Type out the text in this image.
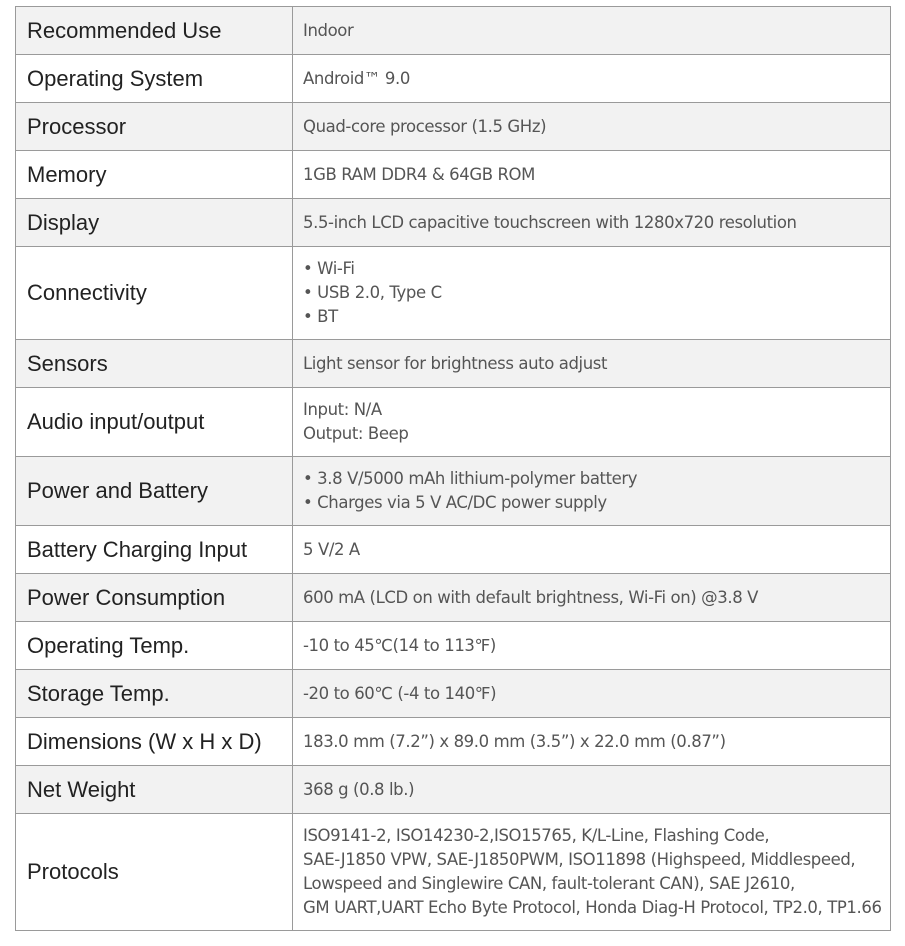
Recommended Use	Indoor

Operating System	Android™ 9.0

Processor	Quad-core processor (1.5 GHz)

Memory	1GB RAM DDR4 & 64GB ROM

Display	5.5-inch LCD capacitive touchscreen with 1280x720 resolution

Connectivity	• Wi-Fi
• USB 2.0, Type C
• BT

Sensors	Light sensor for brightness auto adjust

Audio input/output	Input: N/A
Output: Beep

Power and Battery	• 3.8 V/5000 mAh lithium-polymer battery
• Charges via 5 V AC/DC power supply

Battery Charging Input	5 V/2 A

Power Consumption	600 mA (LCD on with default brightness, Wi-Fi on) @3.8 V

Operating Temp.	-10 to 45℃(14 to 113℉)

Storage Temp.	-20 to 60℃ (-4 to 140℉)

Dimensions (W x H x D)	183.0 mm (7.2”) x 89.0 mm (3.5”) x 22.0 mm (0.87”)

Net Weight	368 g (0.8 lb.)

Protocols	ISO9141-2, ISO14230-2,ISO15765, K/L-Line, Flashing Code,
SAE-J1850 VPW, SAE-J1850PWM, ISO11898 (Highspeed, Middlespeed,
Lowspeed and Singlewire CAN, fault-tolerant CAN), SAE J2610,
GM UART,UART Echo Byte Protocol, Honda Diag-H Protocol, TP2.0, TP1.66
